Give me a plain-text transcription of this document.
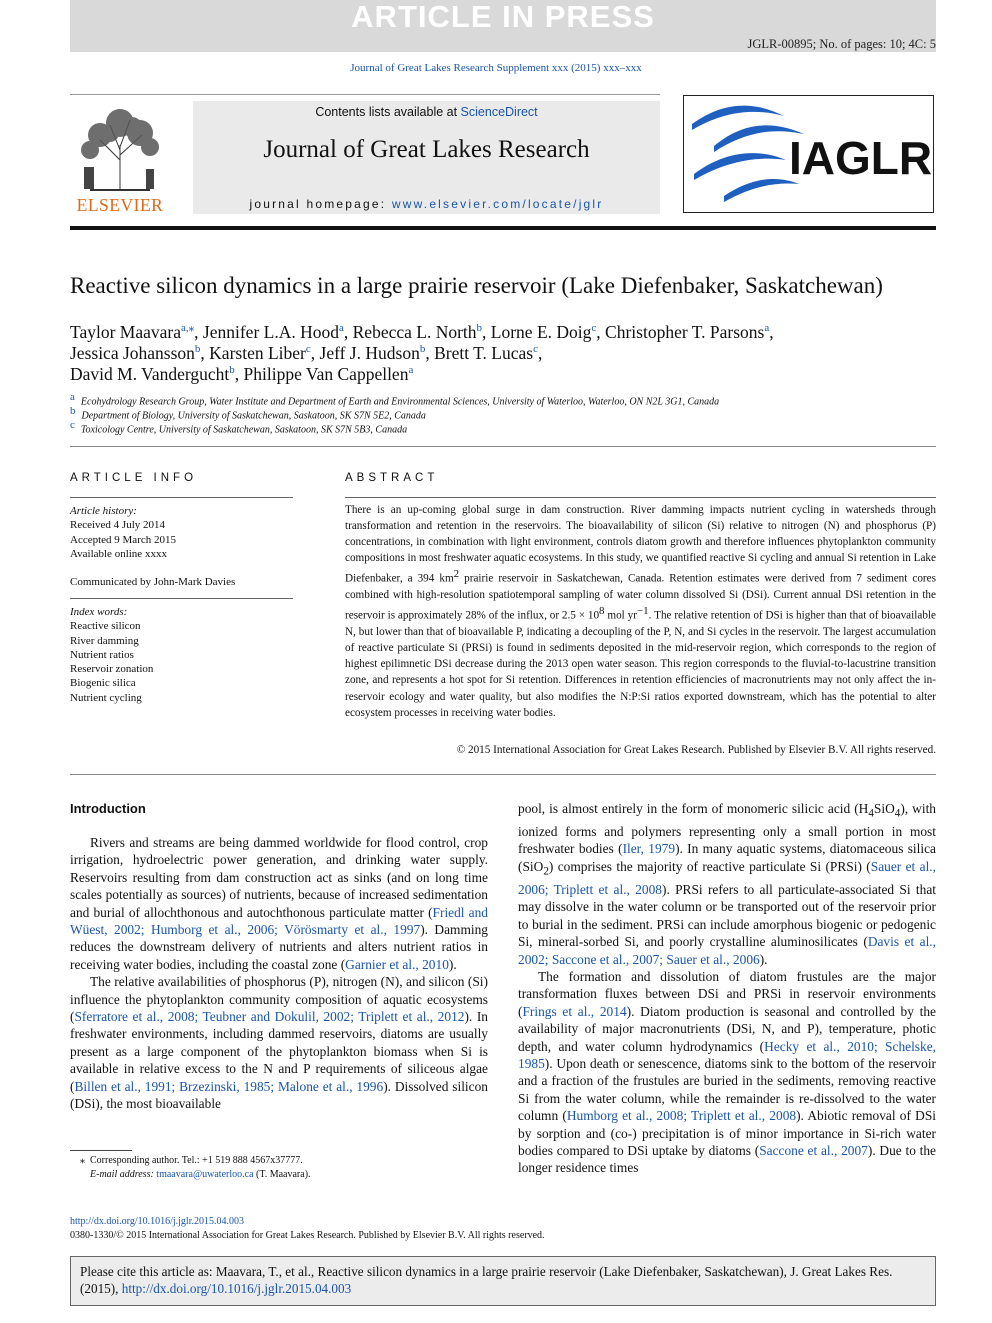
ARTICLE IN PRESS
JGLR-00895; No. of pages: 10; 4C: 5
Journal of Great Lakes Research Supplement xxx (2015) xxx–xxx
ELSEVIER
Contents lists available at ScienceDirect
Journal of Great Lakes Research
journal homepage: www.elsevier.com/locate/jglr
IAGLR
Reactive silicon dynamics in a large prairie reservoir (Lake Diefenbaker, Saskatchewan)
Taylor Maavara$^{a,⁎}$, Jennifer L.A. Hood$^a$, Rebecca L. North$^b$, Lorne E. Doig$^c$, Christopher T. Parsons$^a$,
Jessica Johansson$^b$, Karsten Liber$^c$, Jeff J. Hudson$^b$, Brett T. Lucas$^c$,
David M. Vandergucht$^b$, Philippe Van Cappellen$^a$
$^a$ Ecohydrology Research Group, Water Institute and Department of Earth and Environmental Sciences, University of Waterloo, Waterloo, ON N2L 3G1, Canada
$^b$ Department of Biology, University of Saskatchewan, Saskatoon, SK S7N 5E2, Canada
$^c$ Toxicology Centre, University of Saskatchewan, Saskatoon, SK S7N 5B3, Canada
ARTICLE INFO
Article history:
Received 4 July 2014
Accepted 9 March 2015
Available online xxxx
Communicated by John-Mark Davies
Index words:
Reactive silicon
River damming
Nutrient ratios
Reservoir zonation
Biogenic silica
Nutrient cycling
ABSTRACT
There is an up-coming global surge in dam construction. River damming impacts nutrient cycling in watersheds through transformation and retention in the reservoirs. The bioavailability of silicon (Si) relative to nitrogen (N) and phosphorus (P) concentrations, in combination with light environment, controls diatom growth and therefore influences phytoplankton community compositions in most freshwater aquatic ecosystems. In this study, we quantified reactive Si cycling and annual Si retention in Lake Diefenbaker, a 394 $km^2$ prairie reservoir in Saskatchewan, Canada. Retention estimates were derived from 7 sediment cores combined with high-resolution spatiotemporal sampling of water column dissolved Si (DSi). Current annual DSi retention in the reservoir is approximately 28% of the influx, or $2.5 \times 10^8$ mol $yr^{-1}$. The relative retention of DSi is higher than that of bioavailable N, but lower than that of bioavailable P, indicating a decoupling of the P, N, and Si cycles in the reservoir. The largest accumulation of reactive particulate Si (PRSi) is found in sediments deposited in the mid-reservoir region, which corresponds to the region of highest epilimnetic DSi decrease during the 2013 open water season. This region corresponds to the fluvial-to-lacustrine transition zone, and represents a hot spot for Si retention. Differences in retention efficiencies of macronutrients may not only affect the in-reservoir ecology and water quality, but also modifies the N:P:Si ratios exported downstream, which has the potential to alter ecosystem processes in receiving water bodies.
© 2015 International Association for Great Lakes Research. Published by Elsevier B.V. All rights reserved.
Introduction

Rivers and streams are being dammed worldwide for flood control, crop irrigation, hydroelectric power generation, and drinking water supply. Reservoirs resulting from dam construction act as sinks (and on long time scales potentially as sources) of nutrients, because of increased sedimentation and burial of allochthonous and autochthonous particulate matter (Friedl and Wüest, 2002; Humborg et al., 2006; Vörösmarty et al., 1997). Damming reduces the downstream delivery of nutrients and alters nutrient ratios in receiving water bodies, including the coastal zone (Garnier et al., 2010).

The relative availabilities of phosphorus (P), nitrogen (N), and silicon (Si) influence the phytoplankton community composition of aquatic ecosystems (Sferratore et al., 2008; Teubner and Dokulil, 2002; Triplett et al., 2012). In freshwater environments, including dammed reservoirs, diatoms are usually present as a large component of the phytoplankton biomass when Si is available in relative excess to the N and P requirements of siliceous algae (Billen et al., 1991; Brzezinski, 1985; Malone et al., 1996). Dissolved silicon (DSi), the most bioavailable

pool, is almost entirely in the form of monomeric silicic acid $(H_4SiO_4)$, with ionized forms and polymers representing only a small portion in most freshwater bodies (Iler, 1979). In many aquatic systems, diatomaceous silica (SiO$_2$) comprises the majority of reactive particulate Si (PRSi) (Sauer et al., 2006; Triplett et al., 2008). PRSi refers to all particulate-associated Si that may dissolve in the water column or be transported out of the reservoir prior to burial in the sediment. PRSi can include amorphous biogenic or pedogenic Si, mineral-sorbed Si, and poorly crystalline aluminosilicates (Davis et al., 2002; Saccone et al., 2007; Sauer et al., 2006).

The formation and dissolution of diatom frustules are the major transformation fluxes between DSi and PRSi in reservoir environments (Frings et al., 2014). Diatom production is seasonal and controlled by the availability of major macronutrients (DSi, N, and P), temperature, photic depth, and water column hydrodynamics (Hecky et al., 2010; Schelske, 1985). Upon death or senescence, diatoms sink to the bottom of the reservoir and a fraction of the frustules are buried in the sediments, removing reactive Si from the water column, while the remainder is re-dissolved to the water column (Humborg et al., 2008; Triplett et al., 2008). Abiotic removal of DSi by sorption and (co-) precipitation is of minor importance in Si-rich water bodies compared to DSi uptake by diatoms (Saccone et al., 2007). Due to the longer residence times

⁎ Corresponding author. Tel.: +1 519 888 4567x37777.
E-mail address: tmaavara@uwaterloo.ca (T. Maavara).
http://dx.doi.org/10.1016/j.jglr.2015.04.003
0380-1330/© 2015 International Association for Great Lakes Research. Published by Elsevier B.V. All rights reserved.
Please cite this article as: Maavara, T., et al., Reactive silicon dynamics in a large prairie reservoir (Lake Diefenbaker, Saskatchewan), J. Great Lakes Res. (2015), http://dx.doi.org/10.1016/j.jglr.2015.04.003
